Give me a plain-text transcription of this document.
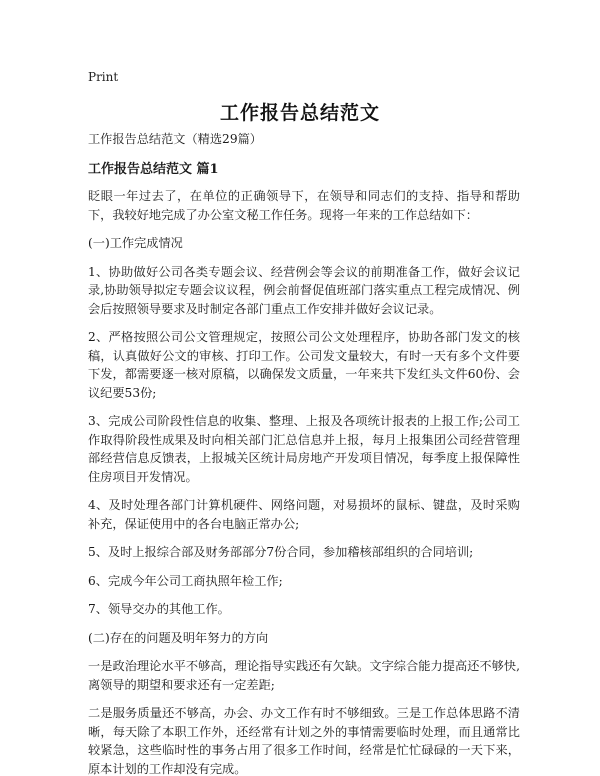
Print
工作报告总结范文

工作报告总结范文（精选29篇）

工作报告总结范文 篇1

眨眼一年过去了，在单位的正确领导下，在领导和同志们的支持、指导和帮助下，我较好地完成了办公室文秘工作任务。现将一年来的工作总结如下：

(一)工作完成情况

1、协助做好公司各类专题会议、经营例会等会议的前期准备工作，做好会议记录,协助领导拟定专题会议议程，例会前督促值班部门落实重点工程完成情况、例会后按照领导要求及时制定各部门重点工作安排并做好会议记录。

2、严格按照公司公文管理规定，按照公司公文处理程序，协助各部门发文的核稿，认真做好公文的审核、打印工作。公司发文量较大，有时一天有多个文件要下发，都需要逐一核对原稿，以确保发文质量，一年来共下发红头文件60份、会议纪要53份;

3、完成公司阶段性信息的收集、整理、上报及各项统计报表的上报工作;公司工作取得阶段性成果及时向相关部门汇总信息并上报，每月上报集团公司经营管理部经营信息反馈表，上报城关区统计局房地产开发项目情况，每季度上报保障性住房项目开发情况。

4、及时处理各部门计算机硬件、网络问题，对易损坏的鼠标、键盘，及时采购补充，保证使用中的各台电脑正常办公;

5、及时上报综合部及财务部部分7份合同，参加稽核部组织的合同培训;

6、完成今年公司工商执照年检工作;

7、领导交办的其他工作。

(二)存在的问题及明年努力的方向

一是政治理论水平不够高，理论指导实践还有欠缺。文字综合能力提高还不够快,离领导的期望和要求还有一定差距;

二是服务质量还不够高，办会、办文工作有时不够细致。三是工作总体思路不清晰，每天除了本职工作外，还经常有计划之外的事情需要临时处理，而且通常比较紧急，这些临时性的事务占用了很多工作时间，经常是忙忙碌碌的一天下来，原本计划的工作却没有完成。
